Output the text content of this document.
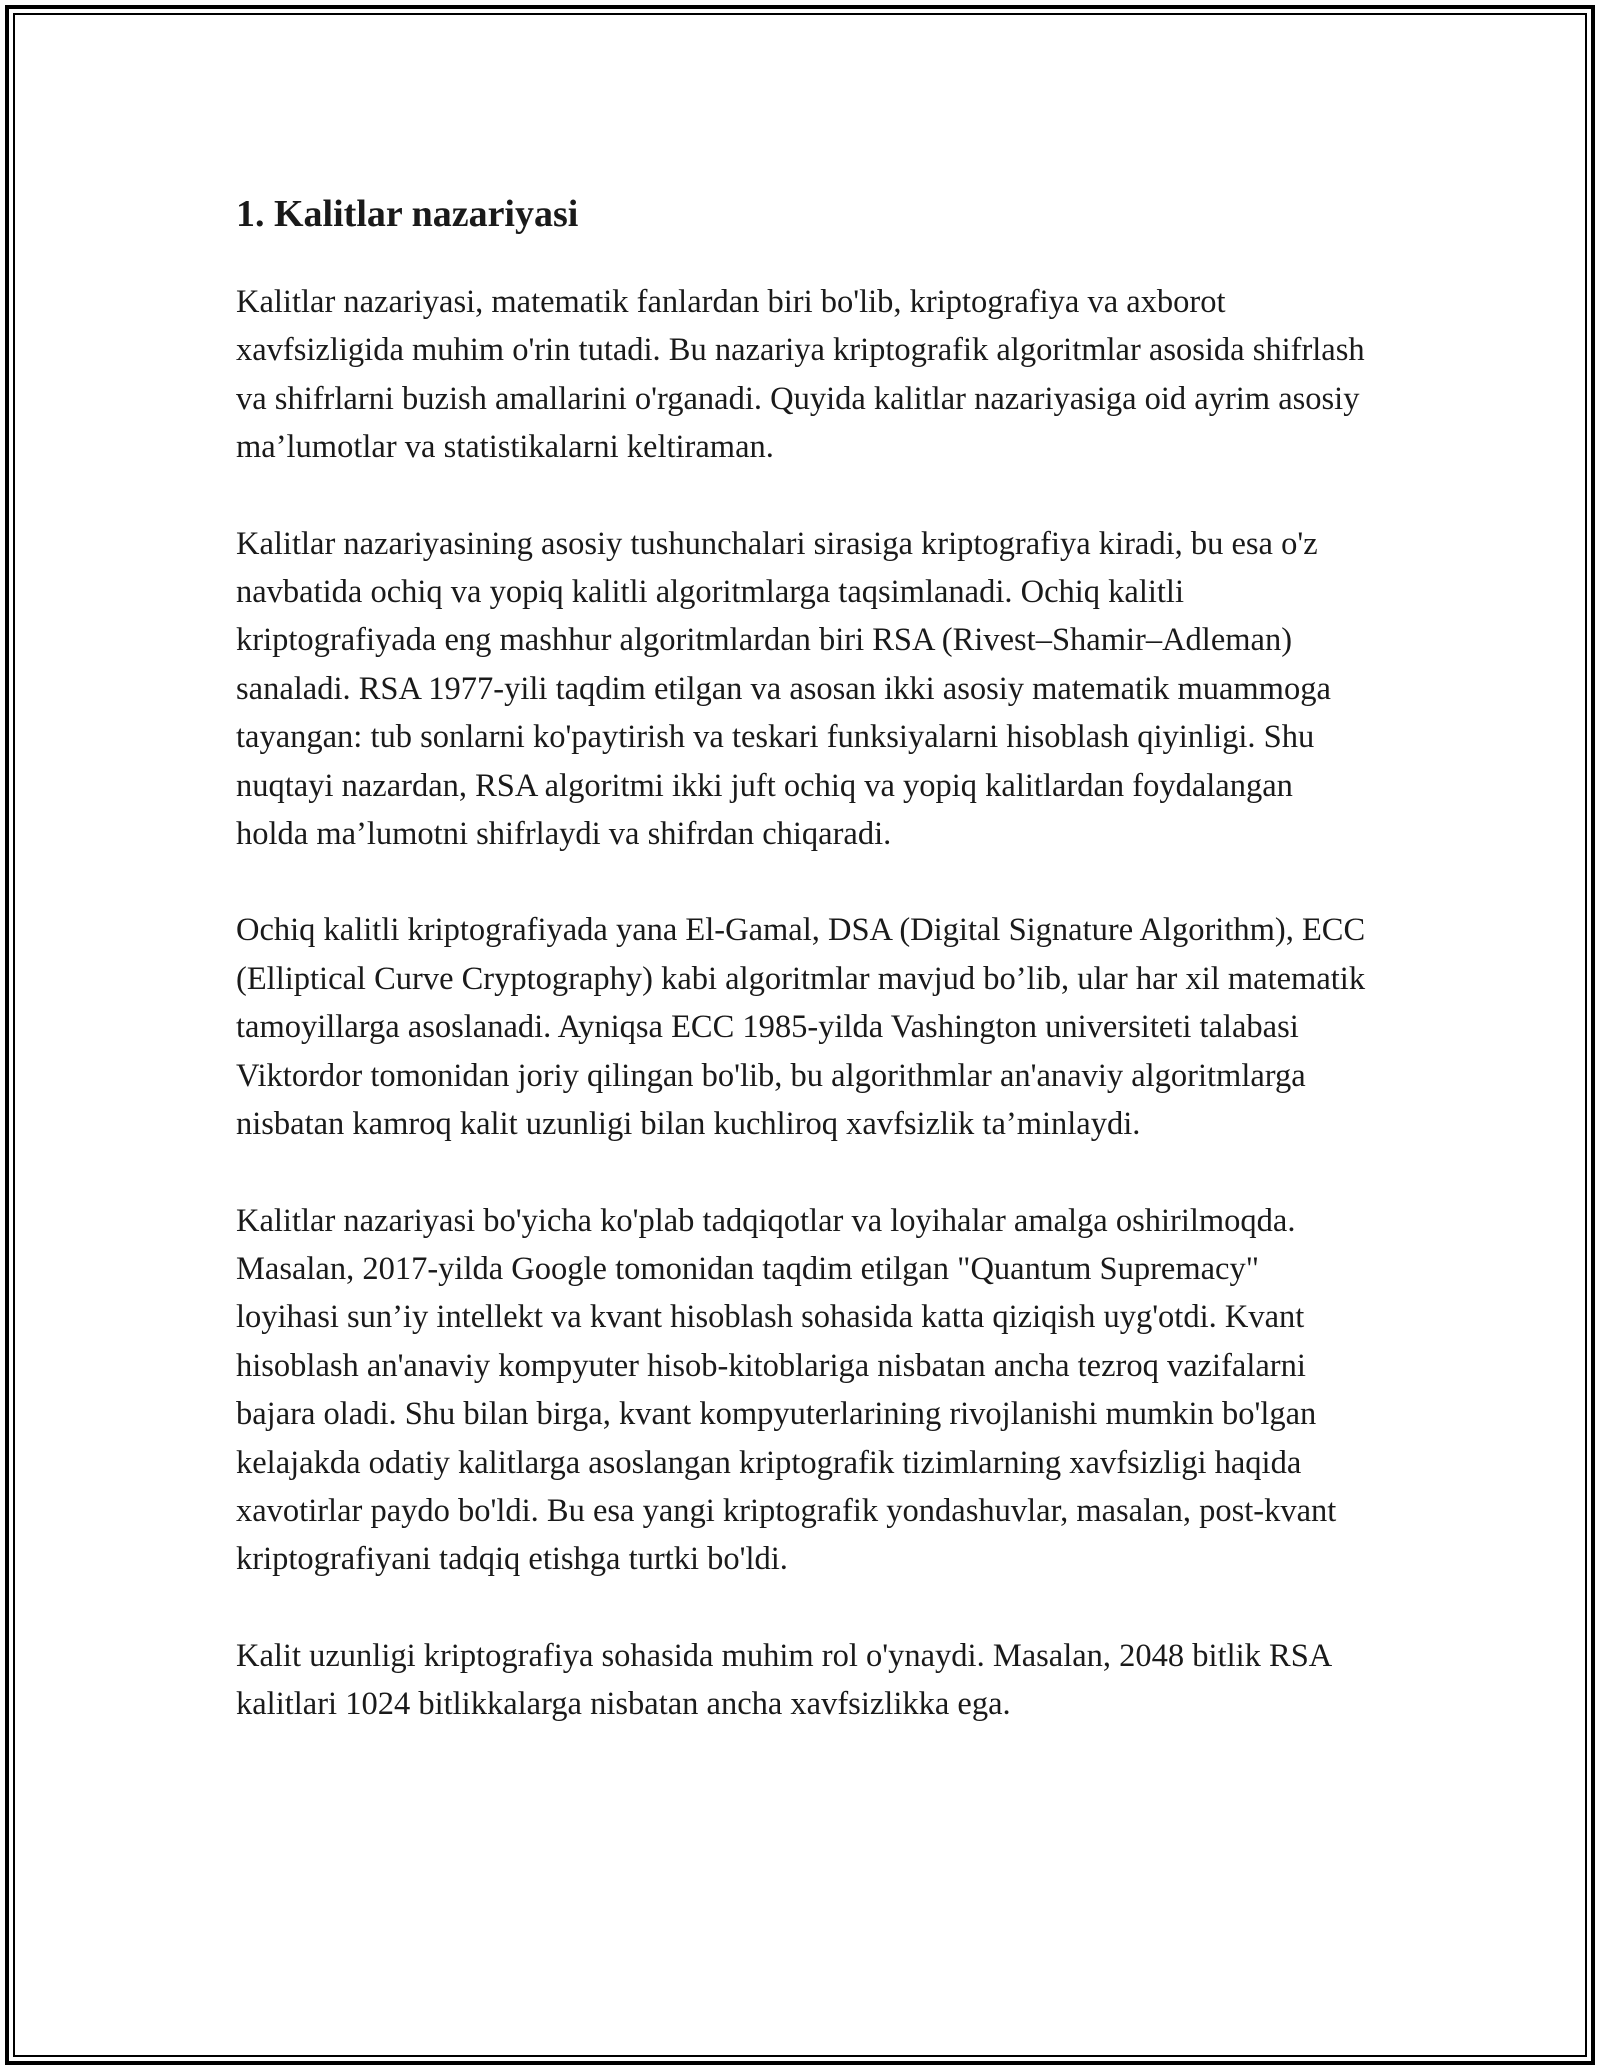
1. Kalitlar nazariyasi

Kalitlar nazariyasi, matematik fanlardan biri bo'lib, kriptografiya va axborot xavfsizligida muhim o'rin tutadi. Bu nazariya kriptografik algoritmlar asosida shifrlash va shifrlarni buzish amallarini o'rganadi. Quyida kalitlar nazariyasiga oid ayrim asosiy ma’lumotlar va statistikalarni keltiraman.

Kalitlar nazariyasining asosiy tushunchalari sirasiga kriptografiya kiradi, bu esa o'z navbatida ochiq va yopiq kalitli algoritmlarga taqsimlanadi. Ochiq kalitli kriptografiyada eng mashhur algoritmlardan biri RSA (Rivest–Shamir–Adleman) sanaladi. RSA 1977-yili taqdim etilgan va asosan ikki asosiy matematik muammoga tayangan: tub sonlarni ko'paytirish va teskari funksiyalarni hisoblash qiyinligi. Shu nuqtayi nazardan, RSA algoritmi ikki juft ochiq va yopiq kalitlardan foydalangan holda ma’lumotni shifrlaydi va shifrdan chiqaradi.

Ochiq kalitli kriptografiyada yana El-Gamal, DSA (Digital Signature Algorithm), ECC (Elliptical Curve Cryptography) kabi algoritmlar mavjud bo’lib, ular har xil matematik tamoyillarga asoslanadi. Ayniqsa ECC 1985-yilda Vashington universiteti talabasi Viktordor tomonidan joriy qilingan bo'lib, bu algorithmlar an'anaviy algoritmlarga nisbatan kamroq kalit uzunligi bilan kuchliroq xavfsizlik ta’minlaydi.

Kalitlar nazariyasi bo'yicha ko'plab tadqiqotlar va loyihalar amalga oshirilmoqda. Masalan, 2017-yilda Google tomonidan taqdim etilgan "Quantum Supremacy" loyihasi sun’iy intellekt va kvant hisoblash sohasida katta qiziqish uyg'otdi. Kvant hisoblash an'anaviy kompyuter hisob-kitoblariga nisbatan ancha tezroq vazifalarni bajara oladi. Shu bilan birga, kvant kompyuterlarining rivojlanishi mumkin bo'lgan kelajakda odatiy kalitlarga asoslangan kriptografik tizimlarning xavfsizligi haqida xavotirlar paydo bo'ldi. Bu esa yangi kriptografik yondashuvlar, masalan, post-kvant kriptografiyani tadqiq etishga turtki bo'ldi.

Kalit uzunligi kriptografiya sohasida muhim rol o'ynaydi. Masalan, 2048 bitlik RSA kalitlari 1024 bitlikkalarga nisbatan ancha xavfsizlikka ega.
